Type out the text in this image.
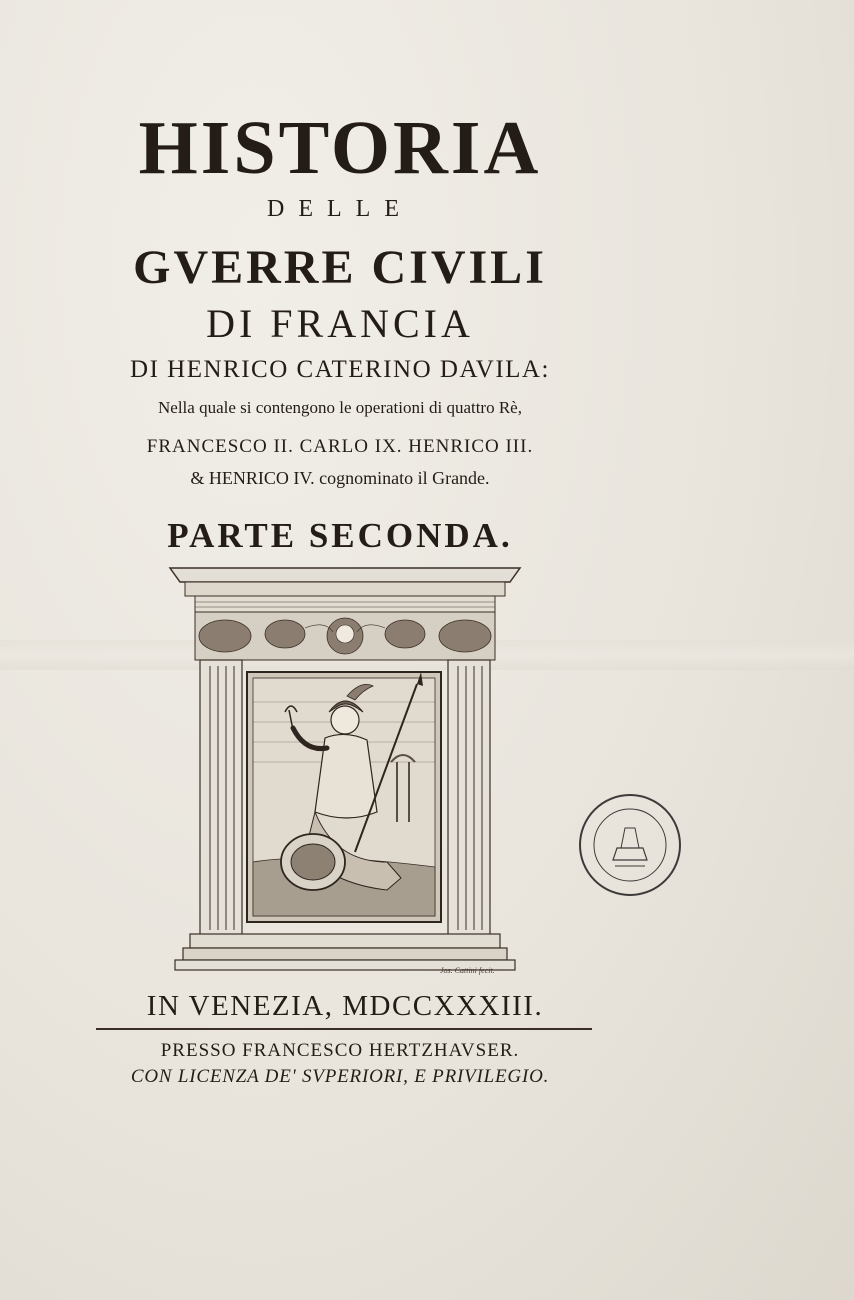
HISTORIA
DELLE
GVERRE CIVILI
DI FRANCIA
DI HENRICO CATERINO DAVILA:
Nella quale si contengono le operationi di quattro Rè,
FRANCESCO II. CARLO IX. HENRICO III.
& HENRICO IV. cognominato il Grande.
PARTE SECONDA.
Jos. Cattini fecit.
IN VENEZIA, MDCCXXXIII.
PRESSO FRANCESCO HERTZHAVSER.
CON LICENZA DE' SVPERIORI, E PRIVILEGIO.
